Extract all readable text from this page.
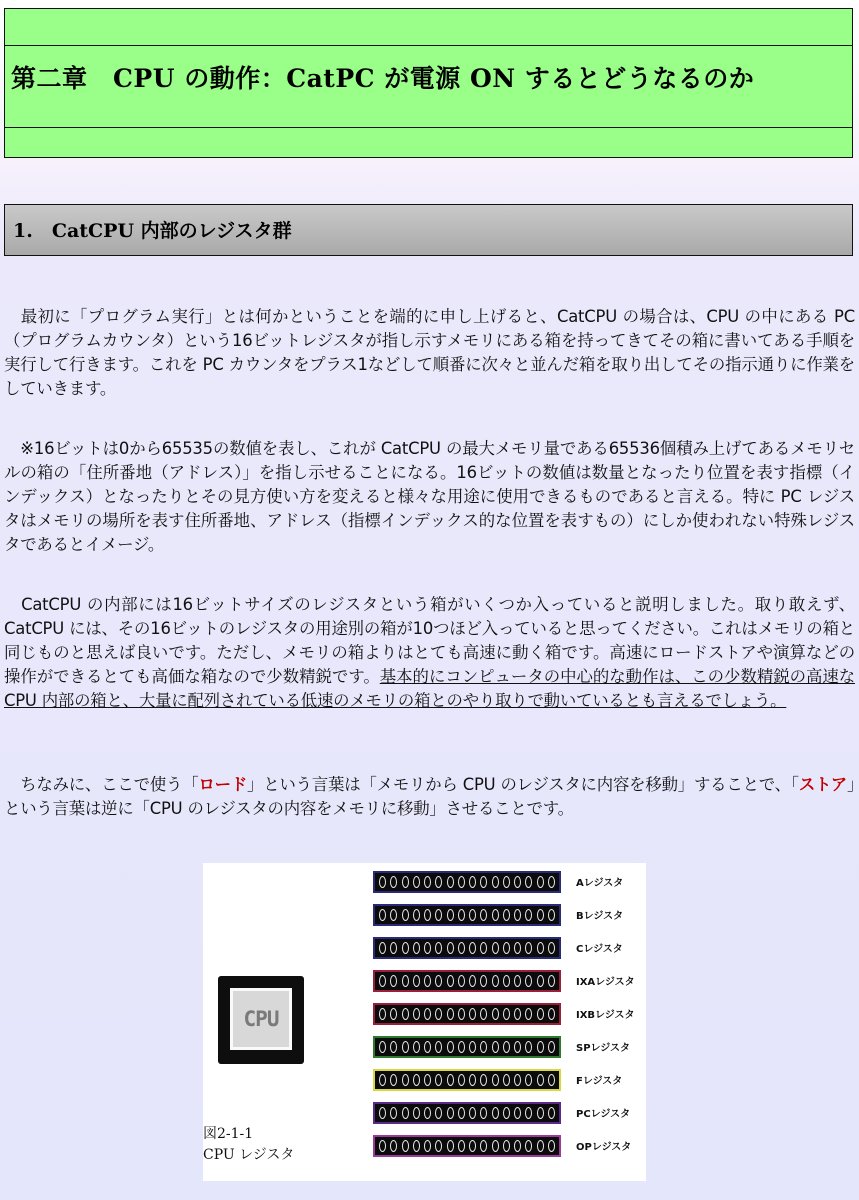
第二章　CPU の動作：CatPC が電源 ON するとどうなるのか
1.　CatCPU 内部のレジスタ群

　最初に「プログラム実行」とは何かということを端的に申し上げると、CatCPU の場合は、CPU の中にある PC（プログラムカウンタ）という16ビットレジスタが指し示すメモリにある箱を持ってきてその箱に書いてある手順を実行して行きます。これを PC カウンタをプラス1などして順番に次々と並んだ箱を取り出してその指示通りに作業をしていきます。

　※16ビットは0から65535の数値を表し、これが CatCPU の最大メモリ量である65536個積み上げてあるメモリセルの箱の「住所番地（アドレス）」を指し示せることになる。16ビットの数値は数量となったり位置を表す指標（インデックス）となったりとその見方使い方を変えると様々な用途に使用できるものであると言える。特に PC レジスタはメモリの場所を表す住所番地、アドレス（指標インデックス的な位置を表すもの）にしか使われない特殊レジスタであるとイメージ。

　CatCPU の内部には16ビットサイズのレジスタという箱がいくつか入っていると説明しました。取り敢えず、CatCPU には、その16ビットのレジスタの用途別の箱が10つほど入っていると思ってください。これはメモリの箱と同じものと思えば良いです。ただし、メモリの箱よりはとても高速に動く箱です。高速にロードストアや演算などの操作ができるとても高価な箱なので少数精鋭です。基本的にコンピュータの中心的な動作は、この少数精鋭の高速な CPU 内部の箱と、大量に配列されている低速のメモリの箱とのやり取りで動いているとも言えるでしょう。

　ちなみに、ここで使う「ロード」という言葉は「メモリから CPU のレジスタに内容を移動」することで、「ストア」という言葉は逆に「CPU のレジスタの内容をメモリに移動」させることです。

CPU
Aレジスタ
Bレジスタ
Cレジスタ
IXAレジスタ
IXBレジスタ
SPレジスタ
Fレジスタ
PCレジスタ
OPレジスタ
図2-1-1
CPU レジスタ
